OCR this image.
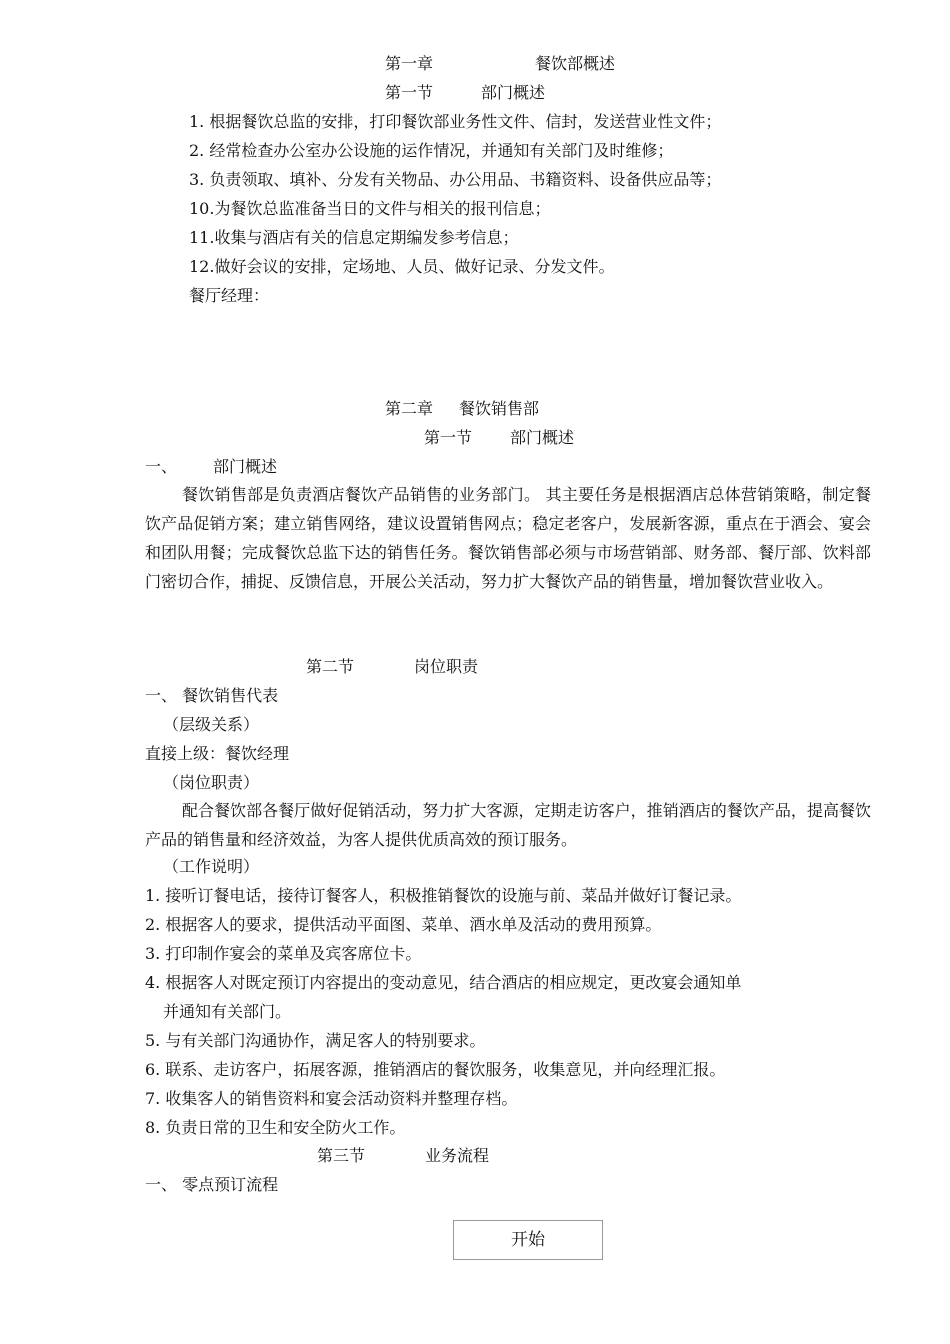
第一章	餐饮部概述
第一节	部门概述
1. 根据餐饮总监的安排，打印餐饮部业务性文件、信封，发送营业性文件；
2. 经常检查办公室办公设施的运作情况，并通知有关部门及时维修；
3. 负责领取、填补、分发有关物品、办公用品、书籍资料、设备供应品等；
10.为餐饮总监准备当日的文件与相关的报刊信息；
11.收集与酒店有关的信息定期编发参考信息；
12.做好会议的安排，定场地、人员、做好记录、分发文件。
餐厅经理：
第二章 餐饮销售部
第一节 部门概述
一、 部门概述
餐饮销售部是负责酒店餐饮产品销售的业务部门。 其主要任务是根据酒店总体营销策略，制定餐饮产品促销方案；建立销售网络，建议设置销售网点；稳定老客户，发展新客源，重点在于酒会、宴会和团队用餐；完成餐饮总监下达的销售任务。餐饮销售部必须与市场营销部、财务部、餐厅部、饮料部门密切合作，捕捉、反馈信息，开展公关活动，努力扩大餐饮产品的销售量，增加餐饮营业收入。
第二节	岗位职责
一、 餐饮销售代表
（层级关系）
直接上级：餐饮经理
（岗位职责）
配合餐饮部各餐厅做好促销活动，努力扩大客源，定期走访客户，推销酒店的餐饮产品，提高餐饮产品的销售量和经济效益，为客人提供优质高效的预订服务。
（工作说明）
1. 接听订餐电话，接待订餐客人，积极推销餐饮的设施与前、菜品并做好订餐记录。
2. 根据客人的要求，提供活动平面图、菜单、酒水单及活动的费用预算。
3. 打印制作宴会的菜单及宾客席位卡。
4. 根据客人对既定预订内容提出的变动意见，结合酒店的相应规定，更改宴会通知单
并通知有关部门。
5. 与有关部门沟通协作，满足客人的特别要求。
6. 联系、走访客户，拓展客源，推销酒店的餐饮服务，收集意见，并向经理汇报。
7. 收集客人的销售资料和宴会活动资料并整理存档。
8. 负责日常的卫生和安全防火工作。
第三节	业务流程
一、 零点预订流程
开始
